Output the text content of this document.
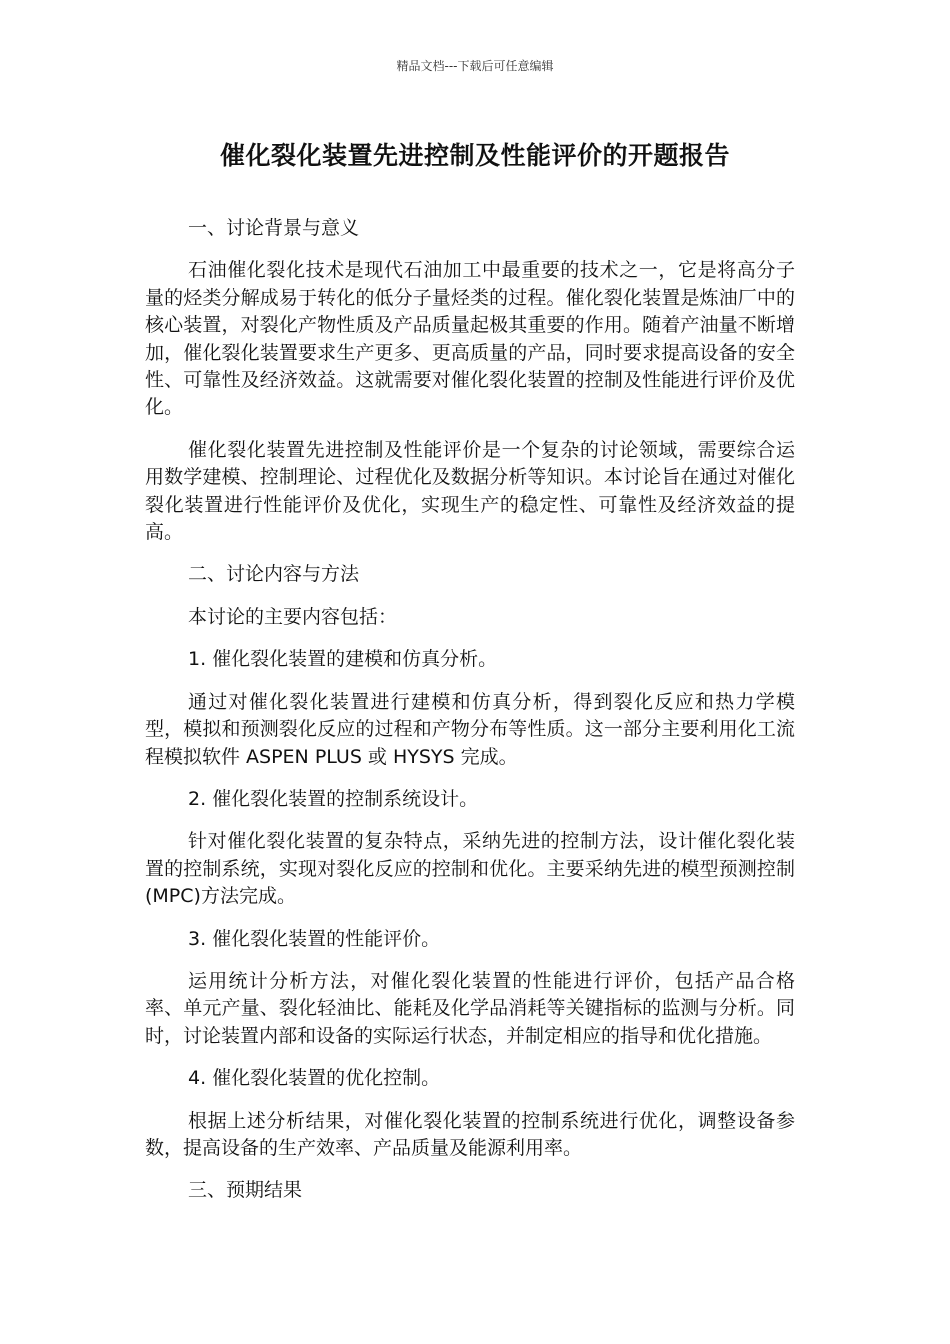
精品文档---下载后可任意编辑
催化裂化装置先进控制及性能评价的开题报告

一、讨论背景与意义

石油催化裂化技术是现代石油加工中最重要的技术之一，它是将高分子量的烃类分解成易于转化的低分子量烃类的过程。催化裂化装置是炼油厂中的核心装置，对裂化产物性质及产品质量起极其重要的作用。随着产油量不断增加，催化裂化装置要求生产更多、更高质量的产品，同时要求提高设备的安全性、可靠性及经济效益。这就需要对催化裂化装置的控制及性能进行评价及优化。

催化裂化装置先进控制及性能评价是一个复杂的讨论领域，需要综合运用数学建模、控制理论、过程优化及数据分析等知识。本讨论旨在通过对催化裂化装置进行性能评价及优化，实现生产的稳定性、可靠性及经济效益的提高。

二、讨论内容与方法

本讨论的主要内容包括：

1. 催化裂化装置的建模和仿真分析。

通过对催化裂化装置进行建模和仿真分析，得到裂化反应和热力学模型，模拟和预测裂化反应的过程和产物分布等性质。这一部分主要利用化工流程模拟软件 ASPEN PLUS 或 HYSYS 完成。

2. 催化裂化装置的控制系统设计。

针对催化裂化装置的复杂特点，采纳先进的控制方法，设计催化裂化装置的控制系统，实现对裂化反应的控制和优化。主要采纳先进的模型预测控制(MPC)方法完成。

3. 催化裂化装置的性能评价。

运用统计分析方法，对催化裂化装置的性能进行评价，包括产品合格率、单元产量、裂化轻油比、能耗及化学品消耗等关键指标的监测与分析。同时，讨论装置内部和设备的实际运行状态，并制定相应的指导和优化措施。

4. 催化裂化装置的优化控制。

根据上述分析结果，对催化裂化装置的控制系统进行优化，调整设备参数，提高设备的生产效率、产品质量及能源利用率。

三、预期结果
